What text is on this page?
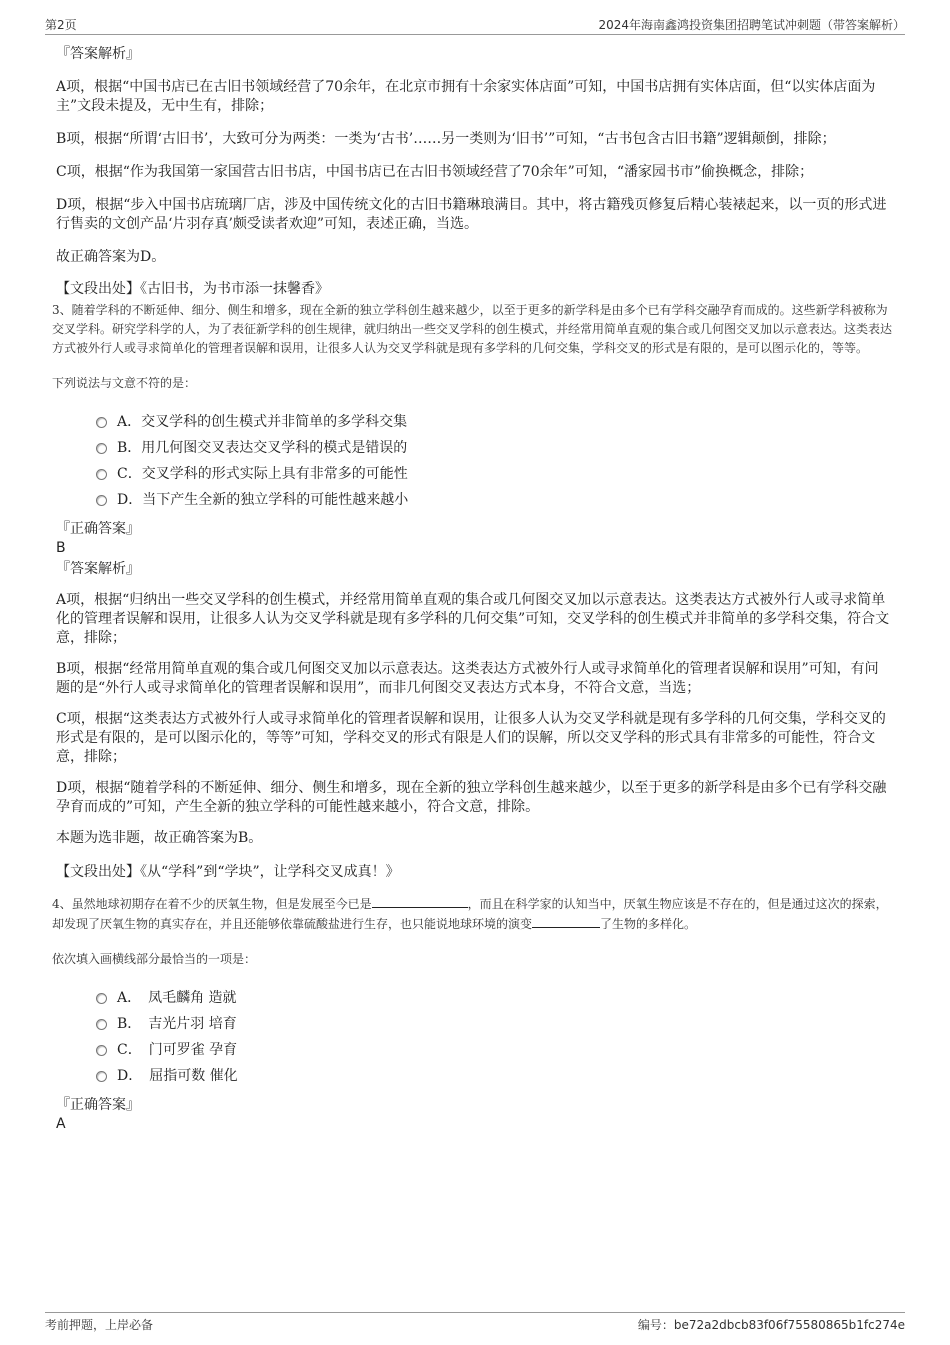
第2页	2024年海南鑫鸿投资集团招聘笔试冲刺题（带答案解析）
『答案解析』
A项，根据“中国书店已在古旧书领域经营了70余年，在北京市拥有十余家实体店面”可知，中国书店拥有实体店面，但“以实体店面为主”文段未提及，无中生有，排除；
B项，根据“所谓‘古旧书’，大致可分为两类：一类为‘古书’……另一类则为‘旧书’”可知，“古书包含古旧书籍”逻辑颠倒，排除；
C项，根据“作为我国第一家国营古旧书店，中国书店已在古旧书领域经营了70余年”可知，“潘家园书市”偷换概念，排除；
D项，根据“步入中国书店琉璃厂店，涉及中国传统文化的古旧书籍琳琅满目。其中，将古籍残页修复后精心装裱起来，以一页的形式进行售卖的文创产品‘片羽存真’颇受读者欢迎”可知，表述正确，当选。
故正确答案为D。
【文段出处】《古旧书，为书市添一抹馨香》
3、随着学科的不断延伸、细分、侧生和增多，现在全新的独立学科创生越来越少，以至于更多的新学科是由多个已有学科交融孕育而成的。这些新学科被称为交叉学科。研究学科学的人，为了表征新学科的创生规律，就归纳出一些交叉学科的创生模式，并经常用简单直观的集合或几何图交叉加以示意表达。这类表达方式被外行人或寻求简单化的管理者误解和误用，让很多人认为交叉学科就是现有多学科的几何交集，学科交叉的形式是有限的，是可以图示化的，等等。
下列说法与文意不符的是：
A．交叉学科的创生模式并非简单的多学科交集
B．用几何图交叉表达交叉学科的模式是错误的
C．交叉学科的形式实际上具有非常多的可能性
D．当下产生全新的独立学科的可能性越来越小
『正确答案』
B
『答案解析』
A项，根据“归纳出一些交叉学科的创生模式，并经常用简单直观的集合或几何图交叉加以示意表达。这类表达方式被外行人或寻求简单化的管理者误解和误用，让很多人认为交叉学科就是现有多学科的几何交集”可知，交叉学科的创生模式并非简单的多学科交集，符合文意，排除；
B项，根据“经常用简单直观的集合或几何图交叉加以示意表达。这类表达方式被外行人或寻求简单化的管理者误解和误用”可知，有问题的是“外行人或寻求简单化的管理者误解和误用”，而非几何图交叉表达方式本身，不符合文意，当选；
C项，根据“这类表达方式被外行人或寻求简单化的管理者误解和误用，让很多人认为交叉学科就是现有多学科的几何交集，学科交叉的形式是有限的，是可以图示化的，等等”可知，学科交叉的形式有限是人们的误解，所以交叉学科的形式具有非常多的可能性，符合文意，排除；
D项，根据“随着学科的不断延伸、细分、侧生和增多，现在全新的独立学科创生越来越少，以至于更多的新学科是由多个已有学科交融孕育而成的”可知，产生全新的独立学科的可能性越来越小，符合文意，排除。
本题为选非题，故正确答案为B。
【文段出处】《从“学科”到“学块”，让学科交叉成真！》
4、虽然地球初期存在着不少的厌氧生物，但是发展至今已是	，而且在科学家的认知当中，厌氧生物应该是不存在的，但是通过这次的探索，却发现了厌氧生物的真实存在，并且还能够依靠硫酸盐进行生存，也只能说地球环境的演变	了生物的多样化。
依次填入画横线部分最恰当的一项是：
A．　凤毛麟角 造就
B．　吉光片羽 培育
C．　门可罗雀 孕育
D．　屈指可数 催化
『正确答案』
A
考前押题，上岸必备	编号：be72a2dbcb83f06f75580865b1fc274e
